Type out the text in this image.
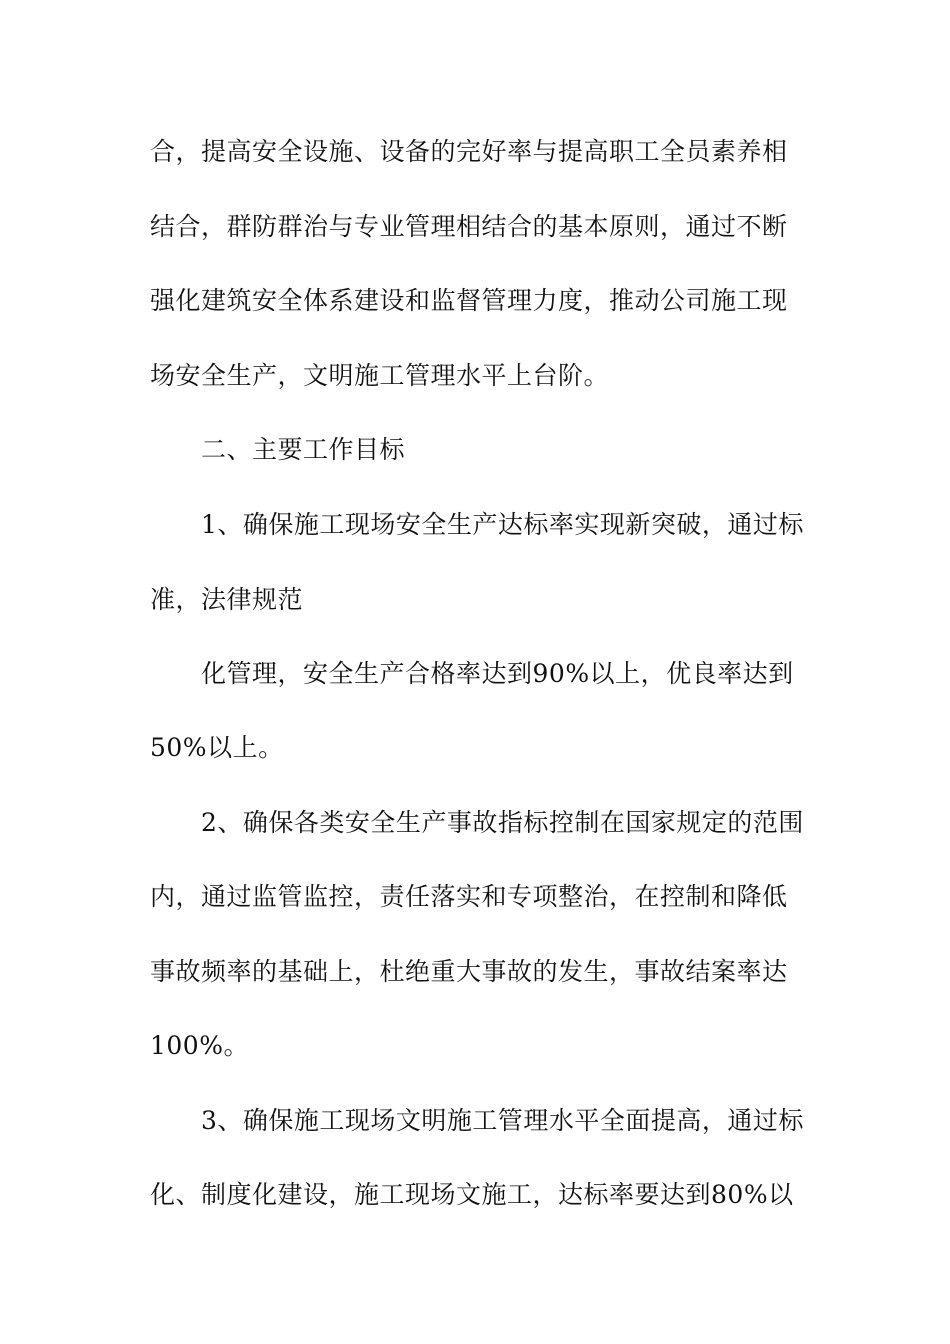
合，提高安全设施、设备的完好率与提高职工全员素养相
结合，群防群治与专业管理相结合的基本原则，通过不断
强化建筑安全体系建设和监督管理力度，推动公司施工现
场安全生产，文明施工管理水平上台阶。
二、主要工作目标
1、确保施工现场安全生产达标率实现新突破，通过标
准，法律规范
化管理，安全生产合格率达到90%以上，优良率达到
50%以上。
2、确保各类安全生产事故指标控制在国家规定的范围
内，通过监管监控，责任落实和专项整治，在控制和降低
事故频率的基础上，杜绝重大事故的发生，事故结案率达
100%。
3、确保施工现场文明施工管理水平全面提高，通过标
化、制度化建设，施工现场文施工，达标率要达到80%以
